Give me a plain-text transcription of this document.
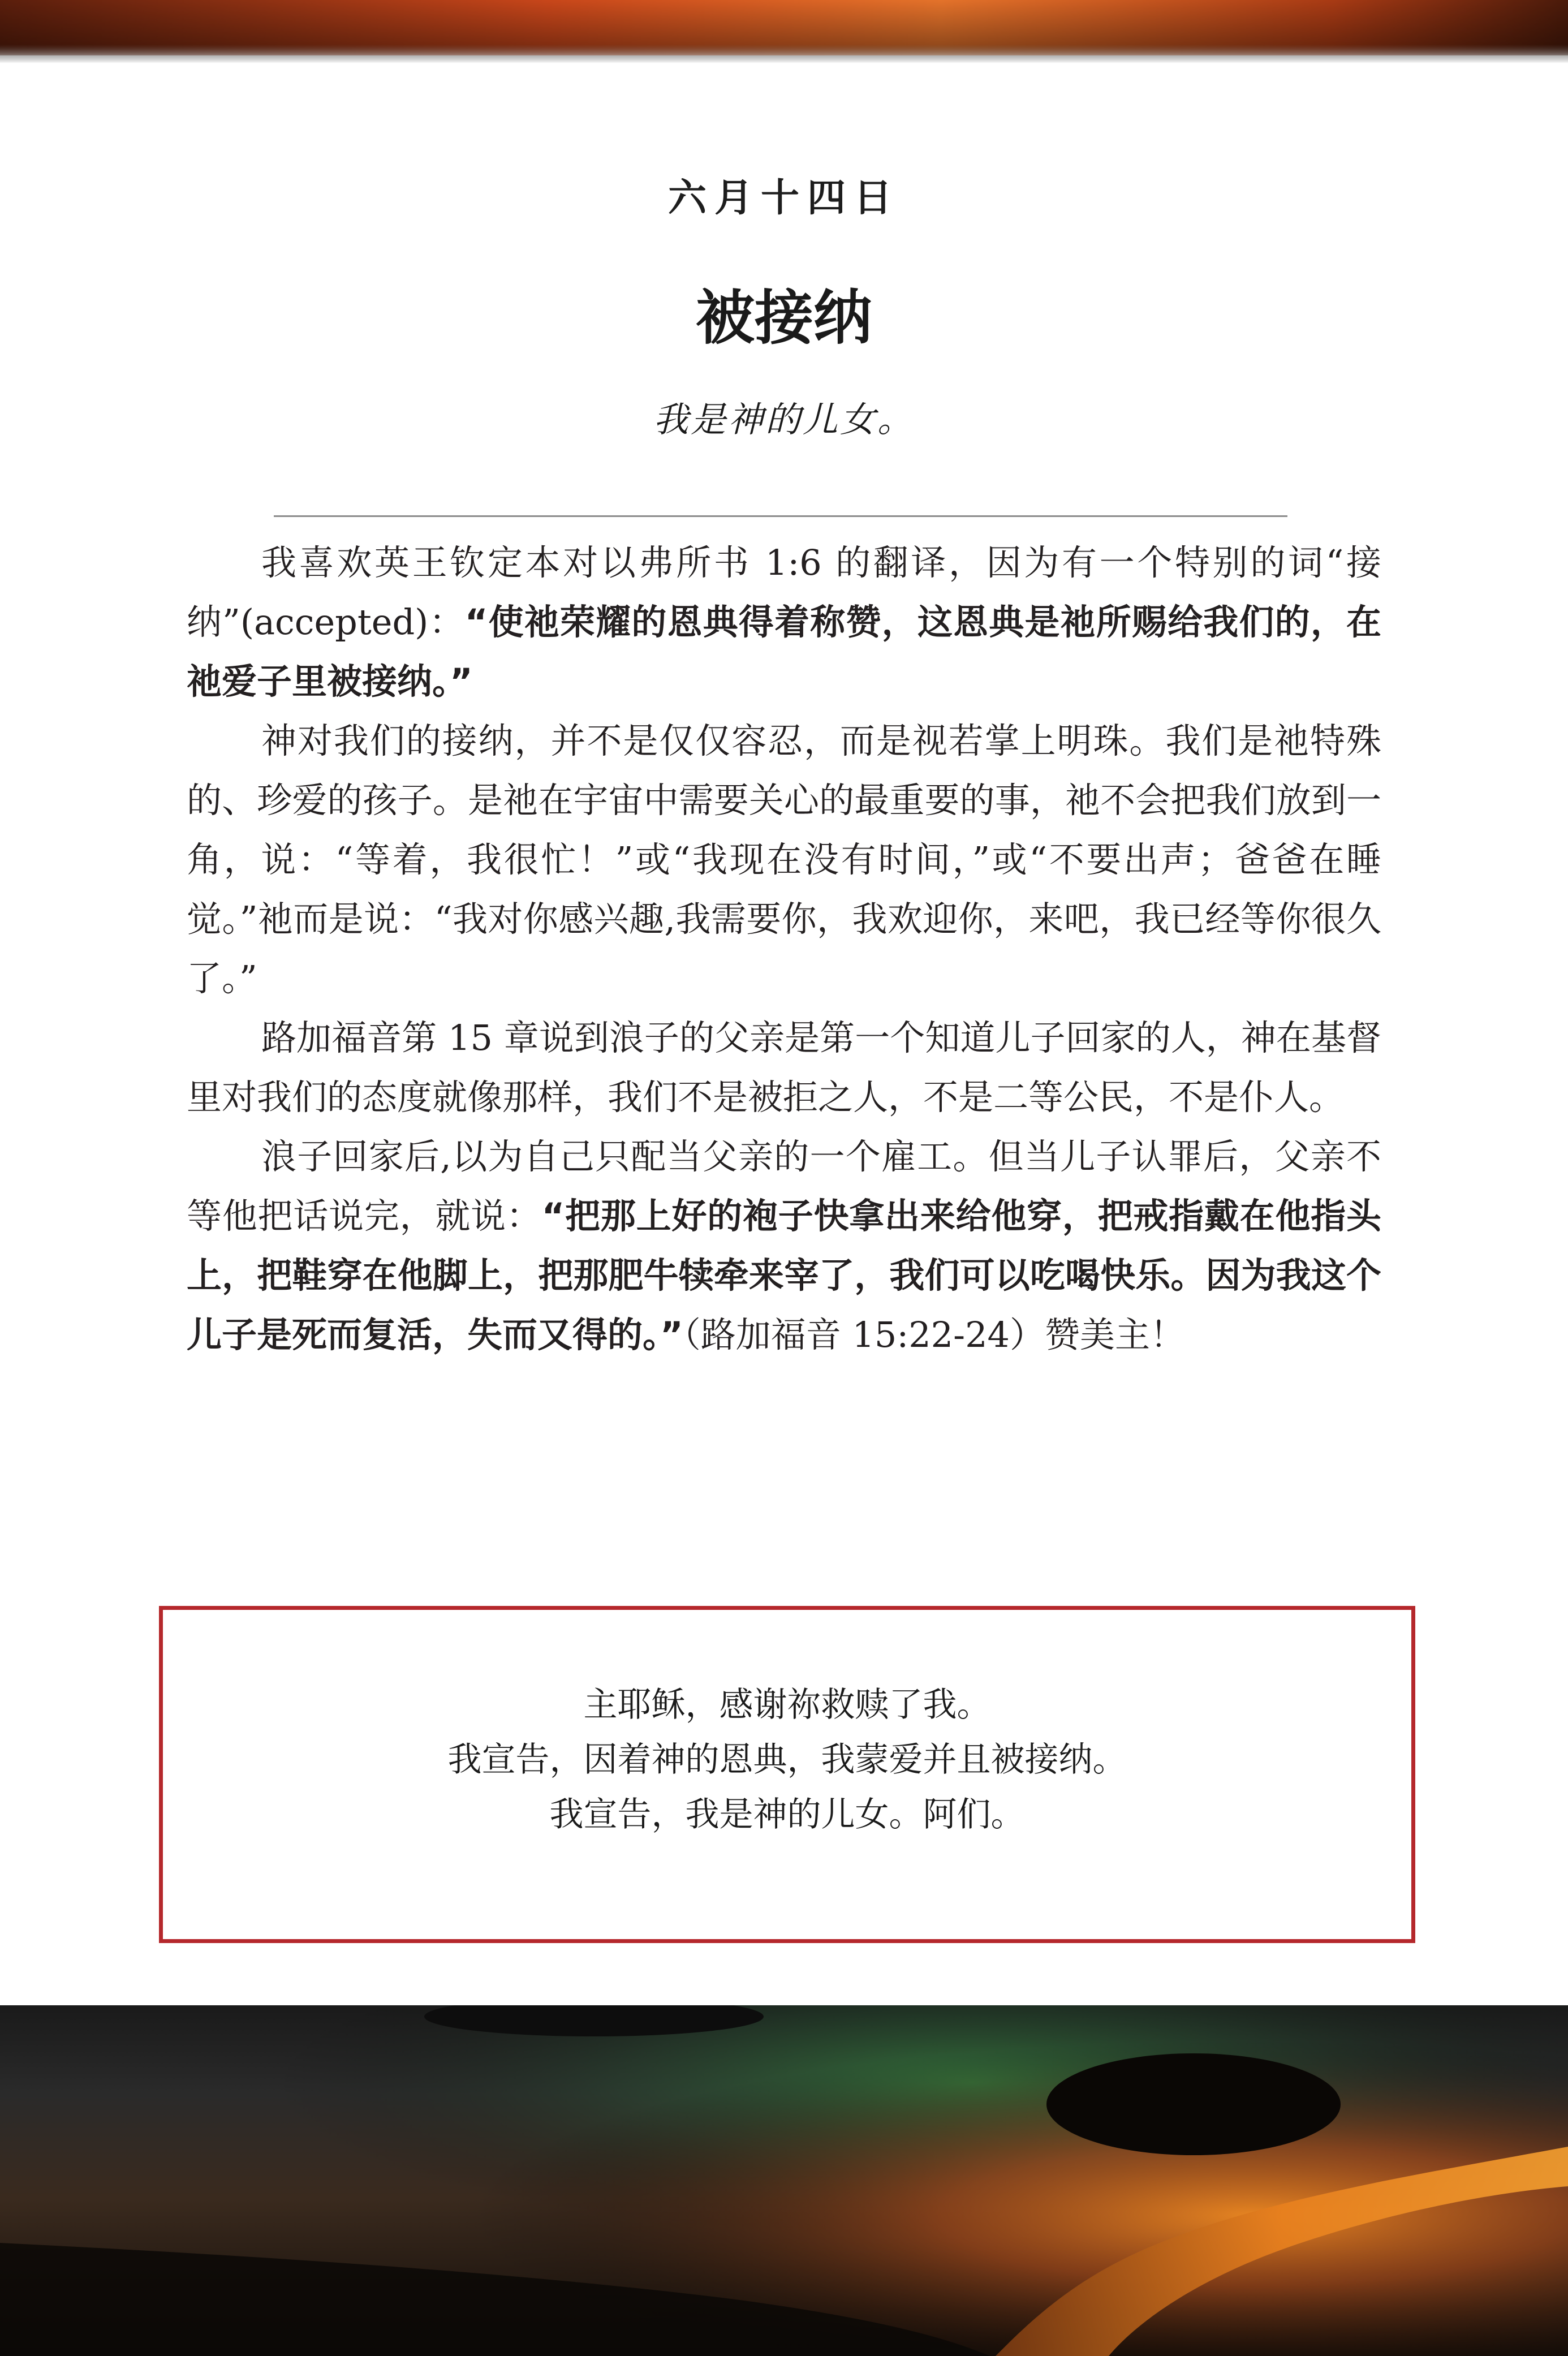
六月十四日
被接纳
我是神的儿女。

我喜欢英王钦定本对以弗所书 1:6 的翻译，因为有一个特别的词“接纳”(accepted)：“使祂荣耀的恩典得着称赞，这恩典是祂所赐给我们的，在祂爱子里被接纳。”

神对我们的接纳，并不是仅仅容忍，而是视若掌上明珠。我们是祂特殊的、珍爱的孩子。是祂在宇宙中需要关心的最重要的事，祂不会把我们放到一角，说：“等着，我很忙！”或“我现在没有时间，”或“不要出声；爸爸在睡觉。”祂而是说：“我对你感兴趣,我需要你，我欢迎你，来吧，我已经等你很久了。”

路加福音第 15 章说到浪子的父亲是第一个知道儿子回家的人，神在基督里对我们的态度就像那样，我们不是被拒之人，不是二等公民，不是仆人。

浪子回家后,以为自己只配当父亲的一个雇工。但当儿子认罪后，父亲不等他把话说完，就说：“把那上好的袍子快拿出来给他穿，把戒指戴在他指头上，把鞋穿在他脚上，把那肥牛犊牵来宰了，我们可以吃喝快乐。因为我这个儿子是死而复活，失而又得的。”（路加福音 15:22-24）赞美主！

主耶稣，感谢祢救赎了我。
我宣告，因着神的恩典，我蒙爱并且被接纳。
我宣告，我是神的儿女。阿们。
